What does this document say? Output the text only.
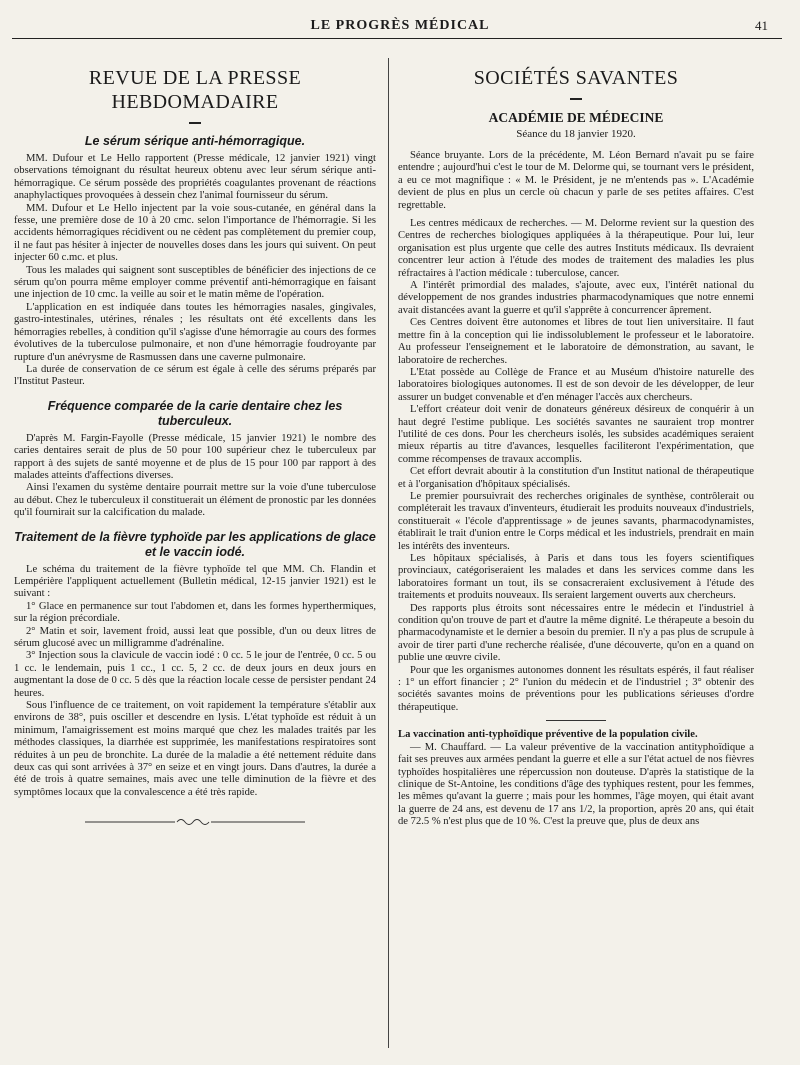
LE PROGRÈS MÉDICAL	41
REVUE DE LA PRESSE HEBDOMADAIRE
Le sérum sérique anti-hémorragique.

MM. Dufour et Le Hello rapportent (Presse médicale, 12 janvier 1921) vingt observations témoignant du résultat heureux obtenu avec leur sérum sérique anti-hémorragique. Ce sérum possède des propriétés coagulantes provenant de réactions anaphylactiques provoquées à dessein chez l'animal fournisseur du sérum.

MM. Dufour et Le Hello injectent par la voie sous-cutanée, en général dans la fesse, une première dose de 10 à 20 cmc. selon l'importance de l'hémorragie. Si les accidents hémorragiques récidivent ou ne cèdent pas complètement du premier coup, il ne faut pas hésiter à injecter de nouvelles doses dans les jours qui suivent. On peut injecter 60 c.mc. et plus.

Tous les malades qui saignent sont susceptibles de bénéficier des injections de ce sérum qu'on pourra même employer comme préventif anti-hémorragique en faisant une injection de 10 cmc. la veille au soir et le matin même de l'opération.

L'application en est indiquée dans toutes les hémorragies nasales, gingivales, gastro-intestinales, utérines, rénales ; les résultats ont été excellents dans les hémorragies rebelles, à condition qu'il s'agisse d'une hémorragie au cours des formes évolutives de la tuberculose pulmonaire, et non d'une hémorragie foudroyante par rupture d'un anévrysme de Rasmussen dans une caverne pulmonaire.

La durée de conservation de ce sérum est égale à celle des sérums préparés par l'Institut Pasteur.

Fréquence comparée de la carie dentaire chez les tuberculeux.

D'après M. Fargin-Fayolle (Presse médicale, 15 janvier 1921) le nombre des caries dentaires serait de plus de 50 pour 100 supérieur chez le tuberculeux par rapport à des sujets de santé moyenne et de plus de 15 pour 100 par rapport à des malades atteints d'affections diverses.

Ainsi l'examen du système dentaire pourrait mettre sur la voie d'une tuberculose au début. Chez le tuberculeux il constituerait un élément de pronostic par les données qu'il fournirait sur la calcification du malade.

Traitement de la fièvre typhoïde par les applications de glace et le vaccin iodé.

Le schéma du traitement de la fièvre typhoïde tel que MM. Ch. Flandin et Lempérière l'appliquent actuellement (Bulletin médical, 12-15 janvier 1921) est le suivant :

1° Glace en permanence sur tout l'abdomen et, dans les formes hyperthermiques, sur la région précordiale.

2° Matin et soir, lavement froid, aussi leat que possible, d'un ou deux litres de sérum glucosé avec un milligramme d'adrénaline.

3° Injection sous la clavicule de vaccin iodé : 0 cc. 5 le jour de l'entrée, 0 cc. 5 ou 1 cc. le lendemain, puis 1 cc., 1 cc. 5, 2 cc. de deux jours en deux jours en augmentant la dose de 0 cc. 5 dès que la réaction locale cesse de persister pendant 24 heures.

Sous l'influence de ce traitement, on voit rapidement la température s'établir aux environs de 38°, puis osciller et descendre en lysis. L'état typhoïde est réduit à un minimum, l'amaigrissement est moins marqué que chez les malades traités par les méthodes classiques, la diarrhée est supprimée, les manifestations respiratoires sont réduites à un peu de bronchite. La durée de la maladie a été nettement réduite dans deux cas qui sont arrivées à 37° en seize et en vingt jours. Dans d'autres, la durée a été de trois à quatre semaines, mais avec une telle diminution de la fièvre et des symptômes locaux que la convalescence a été très rapide.

SOCIÉTÉS SAVANTES
ACADÉMIE DE MÉDECINE
Séance du 18 janvier 1920.

Séance bruyante. Lors de la précédente, M. Léon Bernard n'avait pu se faire entendre ; aujourd'hui c'est le tour de M. Delorme qui, se tournant vers le président, a eu ce mot magnifique : « M. le Président, je ne m'entends pas ». L'Académie devient de plus en plus un cercle où chacun y parle de ses petites affaires. C'est regrettable.

Les centres médicaux de recherches. — M. Delorme revient sur la question des Centres de recherches biologiques appliquées à la thérapeutique. Pour lui, leur organisation est plus urgente que celle des autres Instituts médicaux. Ils devraient concentrer leur action à l'étude des modes de traitement des maladies les plus réfractaires à l'action médicale : tuberculose, cancer.

A l'intérêt primordial des malades, s'ajoute, avec eux, l'intérêt national du développement de nos grandes industries pharmacodynamiques que notre ennemi avait distancées avant la guerre et qu'il s'apprête à concurrencer âprement.

Ces Centres doivent être autonomes et libres de tout lien universitaire. Il faut mettre fin à la conception qui lie indissolublement le professeur et le laboratoire. Au professeur l'enseignement et le laboratoire de démonstration, au savant, le laboratoire de recherches.

L'Etat possède au Collège de France et au Muséum d'histoire naturelle des laboratoires biologiques autonomes. Il est de son devoir de les développer, de leur assurer un budget convenable et d'en ménager l'accès aux chercheurs.

L'effort créateur doit venir de donateurs généreux désireux de conquérir à un haut degré l'estime publique. Les sociétés savantes ne sauraient trop montrer l'utilité de ces dons. Pour les chercheurs isolés, les subsides académiques seraient mieux répartis au titre d'avances, lesquelles faciliteront l'expérimentation, que comme récompenses de travaux accomplis.

Cet effort devrait aboutir à la constitution d'un Institut national de thérapeutique et à l'organisation d'hôpitaux spécialisés.

Le premier poursuivrait des recherches originales de synthèse, contrôlerait ou compléterait les travaux d'inventeurs, étudierait les produits nouveaux d'industriels, constituerait « l'école d'apprentissage » de jeunes savants, pharmacodynamistes, établirait le trait d'union entre le Corps médical et les industriels, prendrait en main les intérêts des inventeurs.

Les hôpitaux spécialisés, à Paris et dans tous les foyers scientifiques provinciaux, catégoriseraient les malades et dans les services comme dans les laboratoires formant un tout, ils se consacreraient exclusivement à l'étude des traitements et produits nouveaux. Ils seraient largement ouverts aux chercheurs.

Des rapports plus étroits sont nécessaires entre le médecin et l'industriel à condition qu'on trouve de part et d'autre la même dignité. Le thérapeute a besoin du pharmacodynamiste et le dernier a besoin du premier. Il n'y a pas plus de scrupule à avoir de tirer parti d'une recherche réalisée, d'une découverte, qu'on en a quand on publie une œuvre civile.

Pour que les organismes autonomes donnent les résultats espérés, il faut réaliser : 1° un effort financier ; 2° l'union du médecin et de l'industriel ; 3° obtenir des sociétés savantes moins de préventions pour les publications sérieuses d'ordre thérapeutique.

La vaccination anti-typhoïdique préventive de la population civile.

— M. Chauffard. — La valeur préventive de la vaccination antityphoïdique a fait ses preuves aux armées pendant la guerre et elle a sur l'état actuel de nos fièvres typhoïdes hospitalières une répercussion non douteuse. D'après la statistique de la clinique de St-Antoine, les conditions d'âge des typhiques restent, pour les femmes, les mêmes qu'avant la guerre ; mais pour les hommes, l'âge moyen, qui était avant la guerre de 24 ans, est devenu de 17 ans 1/2, la proportion, après 20 ans, qui était de 72.5 % n'est plus que de 10 %. C'est la preuve que, plus de deux ans
